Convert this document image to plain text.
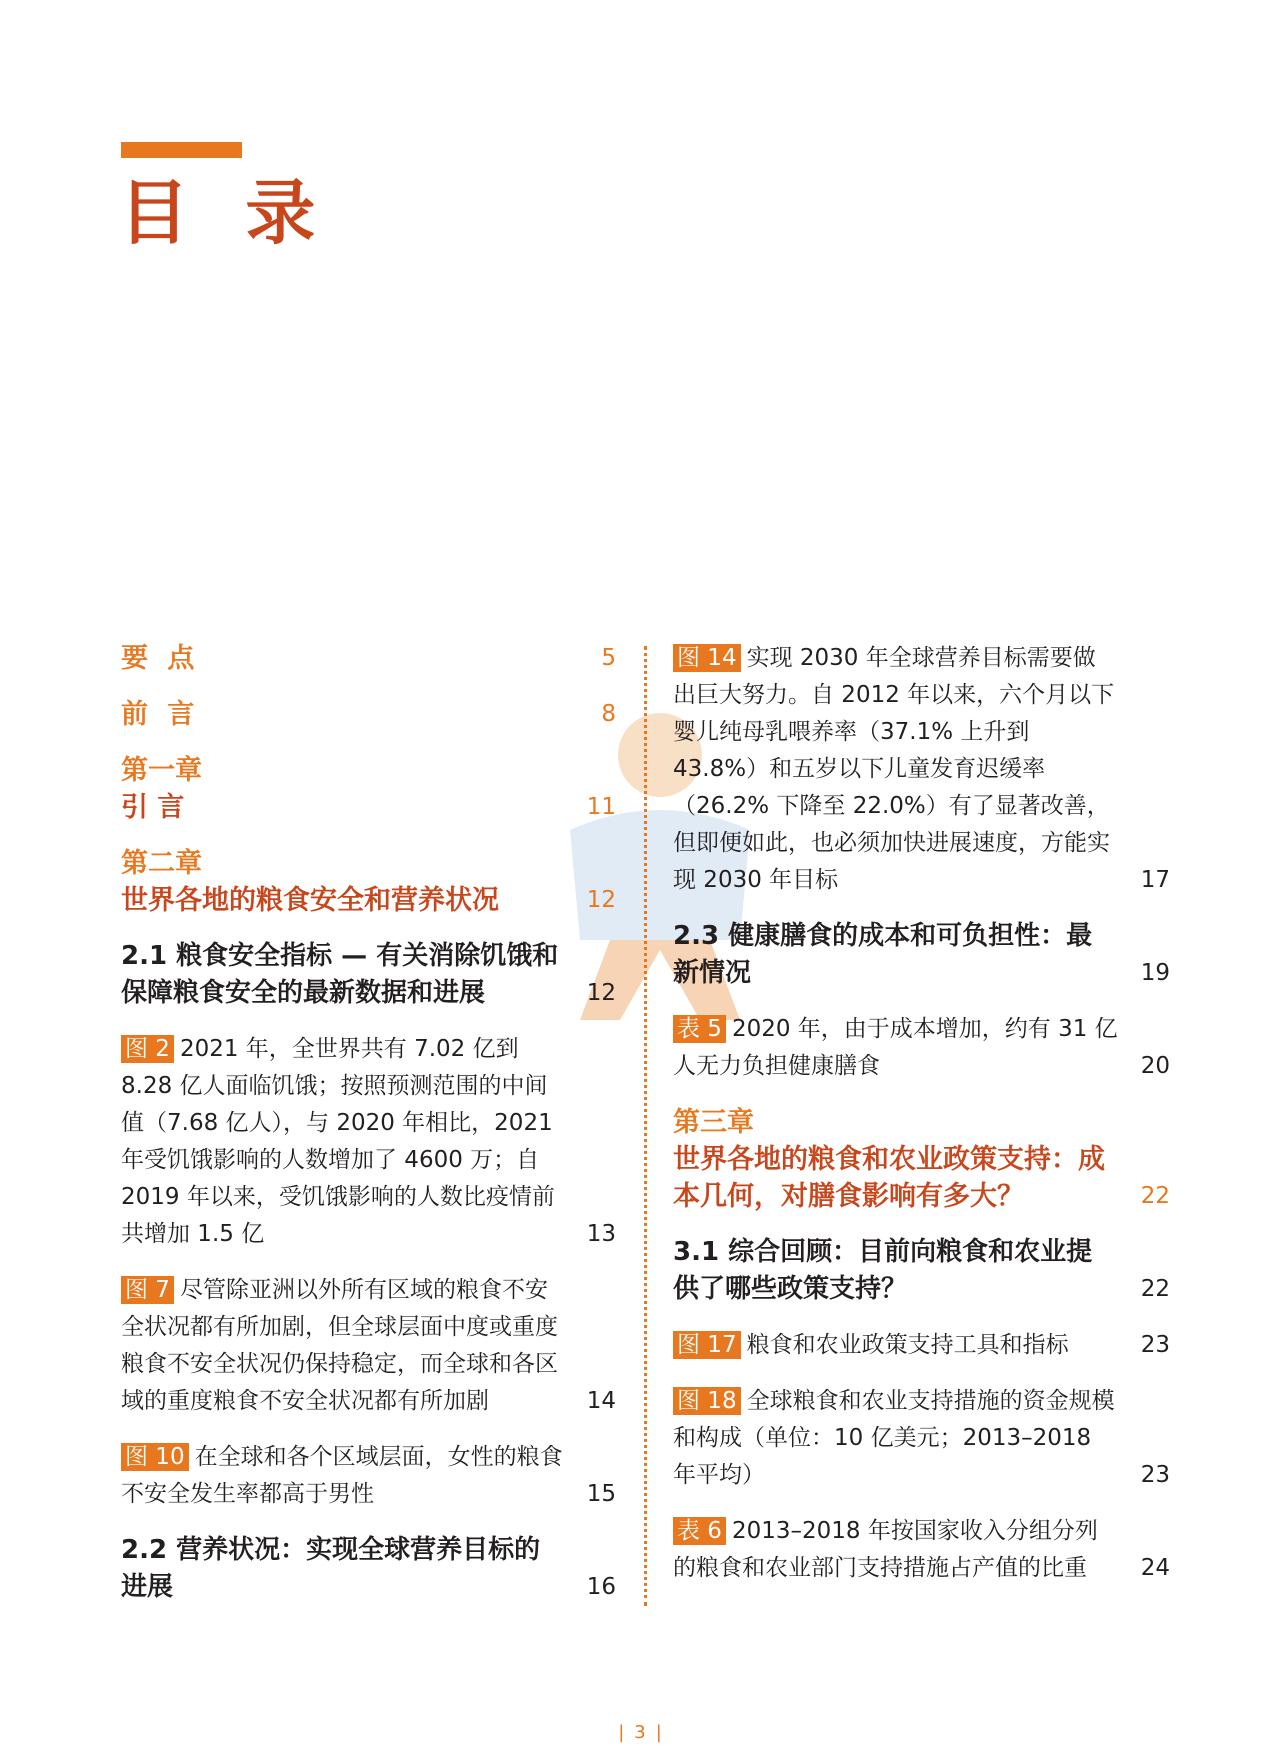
目 录
要 点	5
前 言	8
第一章
引 言	11
第二章
世界各地的粮食安全和营养状况	12
2.1 粮食安全指标 — 有关消除饥饿和保障粮食安全的最新数据和进展	12
图 2 2021 年，全世界共有 7.02 亿到 8.28 亿人面临饥饿；按照预测范围的中间值（7.68 亿人），与 2020 年相比，2021 年受饥饿影响的人数增加了 4600 万；自 2019 年以来，受饥饿影响的人数比疫情前共增加 1.5 亿	13
图 7 尽管除亚洲以外所有区域的粮食不安全状况都有所加剧，但全球层面中度或重度粮食不安全状况仍保持稳定，而全球和各区域的重度粮食不安全状况都有所加剧	14
图 10 在全球和各个区域层面，女性的粮食不安全发生率都高于男性	15
2.2 营养状况：实现全球营养目标的进展	16
图 14 实现 2030 年全球营养目标需要做出巨大努力。自 2012 年以来，六个月以下婴儿纯母乳喂养率（37.1% 上升到 43.8%）和五岁以下儿童发育迟缓率（26.2% 下降至 22.0%）有了显著改善，但即便如此，也必须加快进展速度，方能实现 2030 年目标	17
2.3 健康膳食的成本和可负担性：最新情况	19
表 5 2020 年，由于成本增加，约有 31 亿人无力负担健康膳食	20
第三章
世界各地的粮食和农业政策支持：成本几何，对膳食影响有多大？	22
3.1 综合回顾：目前向粮食和农业提供了哪些政策支持？	22
图 17 粮食和农业政策支持工具和指标	23
图 18 全球粮食和农业支持措施的资金规模和构成（单位：10 亿美元；2013–2018 年平均）	23
表 6 2013–2018 年按国家收入分组分列的粮食和农业部门支持措施占产值的比重	24
| 3 |
